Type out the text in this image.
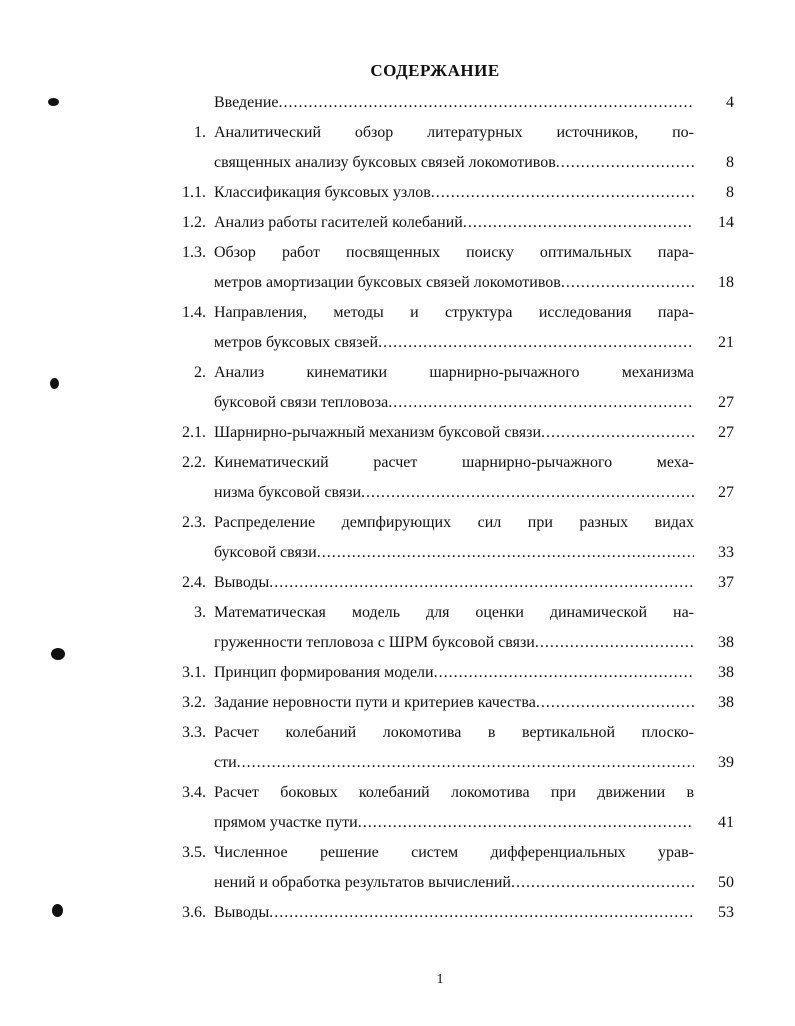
СОДЕРЖАНИЕ
Введение .....	4
1. Аналитический обзор литературных источников, по-
священных анализу буксовых связей локомотивов .....	8
1.1. Классификация буксовых узлов .....	8
1.2. Анализ работы гасителей колебаний .....	14
1.3. Обзор работ посвященных поиску оптимальных пара-
метров амортизации буксовых связей локомотивов .....	18
1.4. Направления, методы и структура исследования пара-
метров буксовых связей .....	21
2. Анализ кинематики шарнирно-рычажного механизма
буксовой связи тепловоза .....	27
2.1. Шарнирно-рычажный механизм буксовой связи .....	27
2.2. Кинематический расчет шарнирно-рычажного меха-
низма буксовой связи .....	27
2.3. Распределение демпфирующих сил при разных видах
буксовой связи .....	33
2.4. Выводы .....	37
3. Математическая модель для оценки динамической на-
груженности тепловоза с ШРМ буксовой связи .....	38
3.1. Принцип формирования модели .....	38
3.2. Задание неровности пути и критериев качества .....	38
3.3. Расчет колебаний локомотива в вертикальной плоско-
сти .....	39
3.4. Расчет боковых колебаний локомотива при движении в
прямом участке пути .....	41
3.5. Численное решение систем дифференциальных урав-
нений и обработка результатов вычислений .....	50
3.6. Выводы .....	53
1
